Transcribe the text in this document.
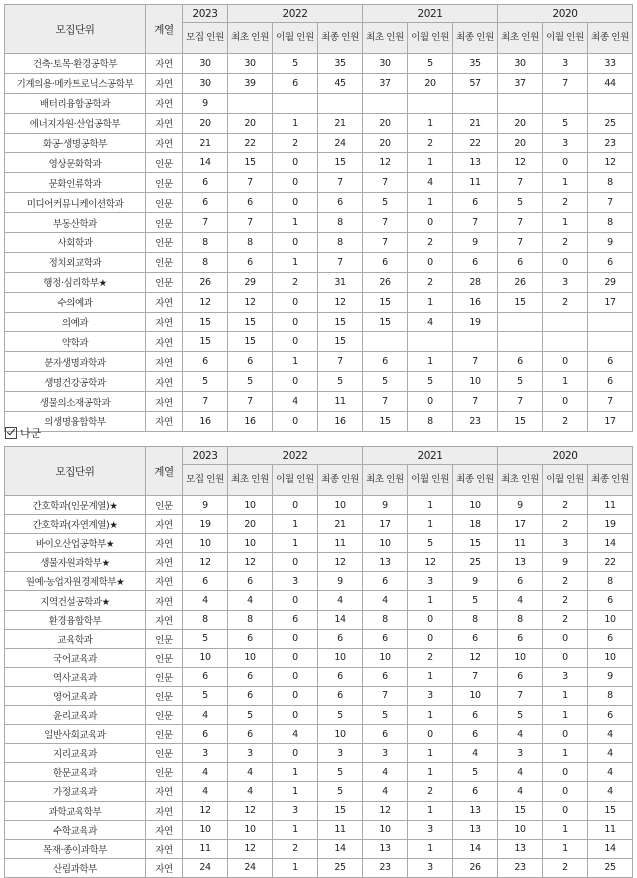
모집단위	계열	2023	2022			2021			2020		
		모집 인원	최초 인원	이월 인원	최종 인원	최초 인원	이월 인원	최종 인원	최초 인원	이월 인원	최종 인원
건축·토목·환경공학부	자연	30	30	5	35	30	5	35	30	3	33
기계의용·메카트로닉스공학부	자연	30	39	6	45	37	20	57	37	7	44
배터리융합공학과	자연	9									
에너지자원·산업공학부	자연	20	20	1	21	20	1	21	20	5	25
화공·생명공학부	자연	21	22	2	24	20	2	22	20	3	23
영상문화학과	인문	14	15	0	15	12	1	13	12	0	12
문화인류학과	인문	6	7	0	7	7	4	11	7	1	8
미디어커뮤니케이션학과	인문	6	6	0	6	5	1	6	5	2	7
부동산학과	인문	7	7	1	8	7	0	7	7	1	8
사회학과	인문	8	8	0	8	7	2	9	7	2	9
정치외교학과	인문	8	6	1	7	6	0	6	6	0	6
행정·심리학부★	인문	26	29	2	31	26	2	28	26	3	29
수의예과	자연	12	12	0	12	15	1	16	15	2	17
의예과	자연	15	15	0	15	15	4	19			
약학과	자연	15	15	0	15						
분자생명과학과	자연	6	6	1	7	6	1	7	6	0	6
생명건강공학과	자연	5	5	0	5	5	5	10	5	1	6
생물의소재공학과	자연	7	7	4	11	7	0	7	7	0	7
의생명융합학부	자연	16	16	0	16	15	8	23	15	2	17
나군
모집단위	계열	2023	2022			2021			2020		
		모집 인원	최초 인원	이월 인원	최종 인원	최초 인원	이월 인원	최종 인원	최초 인원	이월 인원	최종 인원
간호학과(인문계열)★	인문	9	10	0	10	9	1	10	9	2	11
간호학과(자연계열)★	자연	19	20	1	21	17	1	18	17	2	19
바이오산업공학부★	자연	10	10	1	11	10	5	15	11	3	14
생물자원과학부★	자연	12	12	0	12	13	12	25	13	9	22
원예·농업자원경제학부★	자연	6	6	3	9	6	3	9	6	2	8
지역건설공학과★	자연	4	4	0	4	4	1	5	4	2	6
환경융합학부	자연	8	8	6	14	8	0	8	8	2	10
교육학과	인문	5	6	0	6	6	0	6	6	0	6
국어교육과	인문	10	10	0	10	10	2	12	10	0	10
역사교육과	인문	6	6	0	6	6	1	7	6	3	9
영어교육과	인문	5	6	0	6	7	3	10	7	1	8
윤리교육과	인문	4	5	0	5	5	1	6	5	1	6
일반사회교육과	인문	6	6	4	10	6	0	6	4	0	4
지리교육과	인문	3	3	0	3	3	1	4	3	1	4
한문교육과	인문	4	4	1	5	4	1	5	4	0	4
가정교육과	자연	4	4	1	5	4	2	6	4	0	4
과학교육학부	자연	12	12	3	15	12	1	13	15	0	15
수학교육과	자연	10	10	1	11	10	3	13	10	1	11
목재·종이과학부	자연	11	12	2	14	13	1	14	13	1	14
산림과학부	자연	24	24	1	25	23	3	26	23	2	25
